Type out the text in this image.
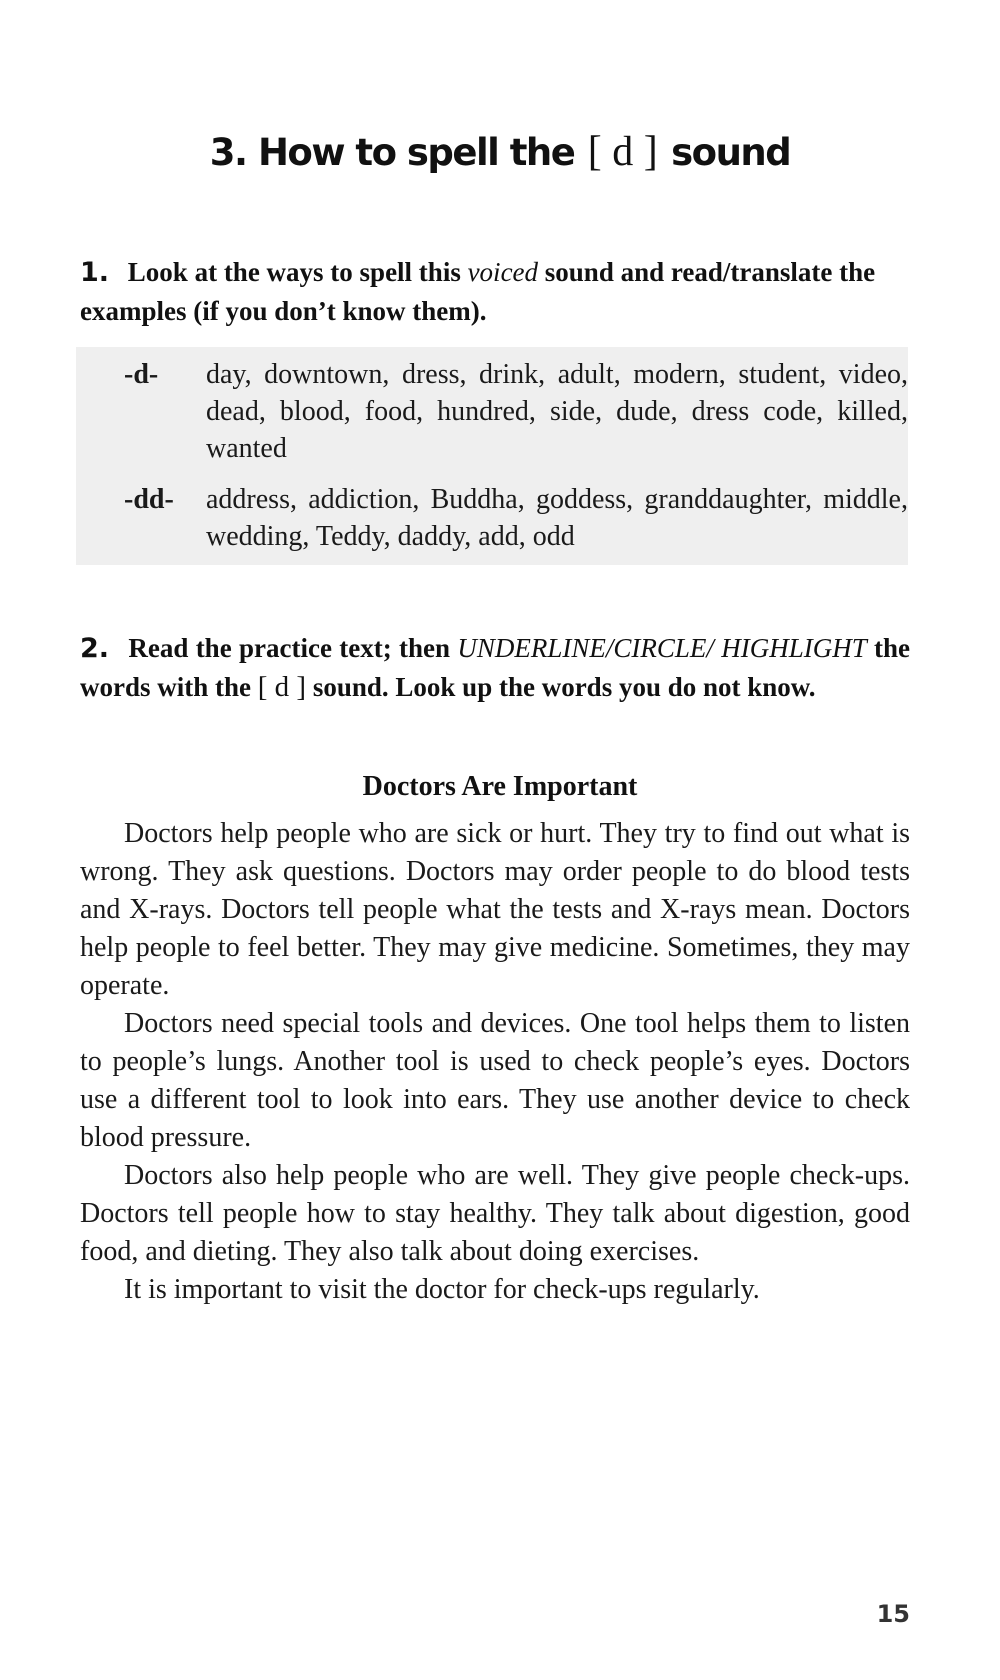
3. How to spell the [ d ] sound
1. Look at the ways to spell this voiced sound and read/translate the examples (if you don’t know them).
-d-	day, downtown, dress, drink, adult, modern, student, video, dead, blood, food, hundred, side, dude, dress code, killed, wanted
-dd-	address, addiction, Buddha, goddess, granddaughter, middle, wedding, Teddy, daddy, add, odd
2. Read the practice text; then UNDERLINE/CIRCLE/ HIGHLIGHT the words with the [ d ] sound. Look up the words you do not know.
Doctors Are Important

Doctors help people who are sick or hurt. They try to find out what is wrong. They ask questions. Doctors may order people to do blood tests and X-rays. Doctors tell people what the tests and X-rays mean. Doctors help people to feel better. They may give medicine. Sometimes, they may operate.

Doctors need special tools and devices. One tool helps them to listen to people’s lungs. Another tool is used to check people’s eyes. Doctors use a different tool to look into ears. They use another device to check blood pressure.

Doctors also help people who are well. They give people check-ups. Doctors tell people how to stay healthy. They talk about digestion, good food, and dieting. They also talk about doing exercises.

It is important to visit the doctor for check-ups regularly.

15
